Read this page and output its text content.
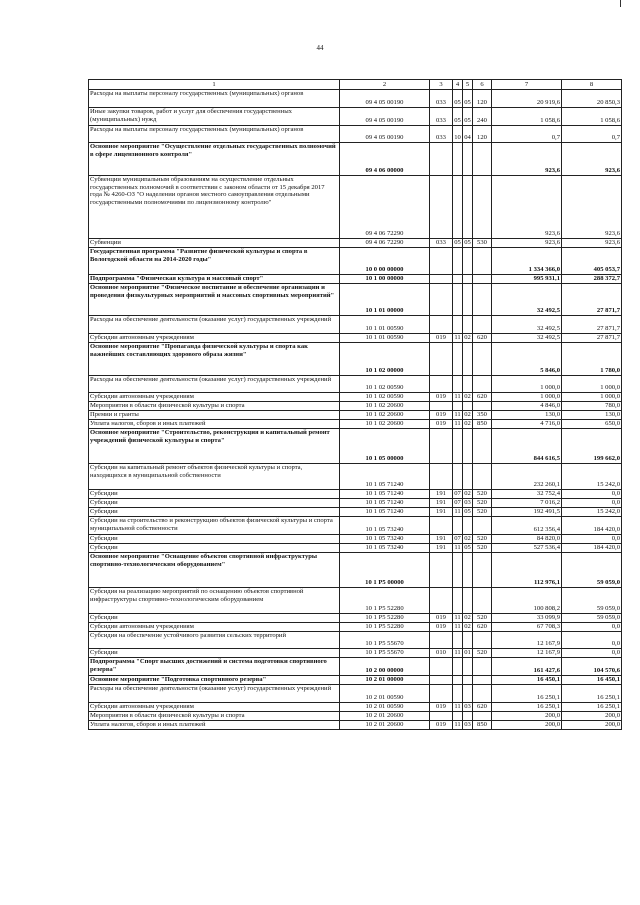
44
1	2	3	4	5	6	7	8
Расходы на выплаты персоналу государственных (муниципальных) органов	09 4 05 00190	033	05	05	120	20 919,6	20 850,3
Иные закупки товаров, работ и услуг для обеспечения государственных (муниципальных) нужд	09 4 05 00190	033	05	05	240	1 058,6	1 058,6
Расходы на выплаты персоналу государственных (муниципальных) органов	09 4 05 00190	033	10	04	120	0,7	0,7
Основное мероприятие "Осуществление отдельных государственных полномочий в сфере лицензионного контроля"	09 4 06 00000					923,6	923,6
Субвенции муниципальным образованиям на осуществление отдельных государственных полномочий в соответствии с законом области от 15 декабря 2017 года № 4260-ОЗ "О наделении органов местного самоуправления отдельными государственными полномочиями по лицензионному контролю"	09 4 06 72290					923,6	923,6
Субвенции	09 4 06 72290	033	05	05	530	923,6	923,6
Государственная программа "Развитие физической культуры и спорта в Вологодской области на 2014-2020 годы"	10 0 00 00000					1 334 366,0	405 053,7
Подпрограмма "Физическая культура и массовый спорт"	10 1 00 00000					995 931,1	288 372,7
Основное мероприятие "Физическое воспитание и обеспечение организации и проведения физкультурных мероприятий и массовых спортивных мероприятий"	10 1 01 00000					32 492,5	27 871,7
Расходы на обеспечение деятельности (оказание услуг) государственных учреждений	10 1 01 00590					32 492,5	27 871,7
Субсидии автономным учреждениям	10 1 01 00590	019	11	02	620	32 492,5	27 871,7
Основное мероприятие "Пропаганда физической культуры и спорта как важнейших составляющих здорового образа жизни"	10 1 02 00000					5 846,0	1 780,0
Расходы на обеспечение деятельности (оказание услуг) государственных учреждений	10 1 02 00590					1 000,0	1 000,0
Субсидии автономным учреждениям	10 1 02 00590	019	11	02	620	1 000,0	1 000,0
Мероприятия в области физической культуры и спорта	10 1 02 20600					4 846,0	780,0
Премии и гранты	10 1 02 20600	019	11	02	350	130,0	130,0
Уплата налогов, сборов и иных платежей	10 1 02 20600	019	11	02	850	4 716,0	650,0
Основное мероприятие "Строительство, реконструкция и капитальный ремонт учреждений физической культуры и спорта"	10 1 05 00000					844 616,5	199 662,0
Субсидии на капитальный ремонт объектов физической культуры и спорта, находящихся в муниципальной собственности	10 1 05 71240					232 260,1	15 242,0
Субсидии	10 1 05 71240	191	07	02	520	32 752,4	0,0
Субсидии	10 1 05 71240	191	07	03	520	7 016,2	0,0
Субсидии	10 1 05 71240	191	11	05	520	192 491,5	15 242,0
Субсидии на строительство и реконструкцию объектов физической культуры и спорта муниципальной собственности	10 1 05 73240					612 356,4	184 420,0
Субсидии	10 1 05 73240	191	07	02	520	84 820,0	0,0
Субсидии	10 1 05 73240	191	11	05	520	527 536,4	184 420,0
Основное мероприятие "Оснащение объектов спортивной инфраструктуры спортивно-технологическим оборудованием"	10 1 P5 00000					112 976,1	59 059,0
Субсидия на реализацию мероприятий по оснащению объектов спортивной инфраструктуры спортивно-технологическим оборудованием	10 1 P5 52280					100 808,2	59 059,0
Субсидии	10 1 P5 52280	019	11	02	520	33 099,9	59 059,0
Субсидии автономным учреждениям	10 1 P5 52280	019	11	02	620	67 708,3	0,0
Субсидия на обеспечение устойчивого развития сельских территорий	10 1 P5 55670					12 167,9	0,0
Субсидии	10 1 P5 55670	010	11	01	520	12 167,9	0,0
Подпрограмма "Спорт высших достижений и система подготовки спортивного резерва"	10 2 00 00000					161 427,6	104 570,6
Основное мероприятие "Подготовка спортивного резерва"	10 2 01 00000					16 450,1	16 450,1
Расходы на обеспечение деятельности (оказание услуг) государственных учреждений	10 2 01 00590					16 250,1	16 250,1
Субсидии автономным учреждениям	10 2 01 00590	019	11	03	620	16 250,1	16 250,1
Мероприятия в области физической культуры и спорта	10 2 01 20600					200,0	200,0
Уплата налогов, сборов и иных платежей	10 2 01 20600	019	11	03	850	200,0	200,0
